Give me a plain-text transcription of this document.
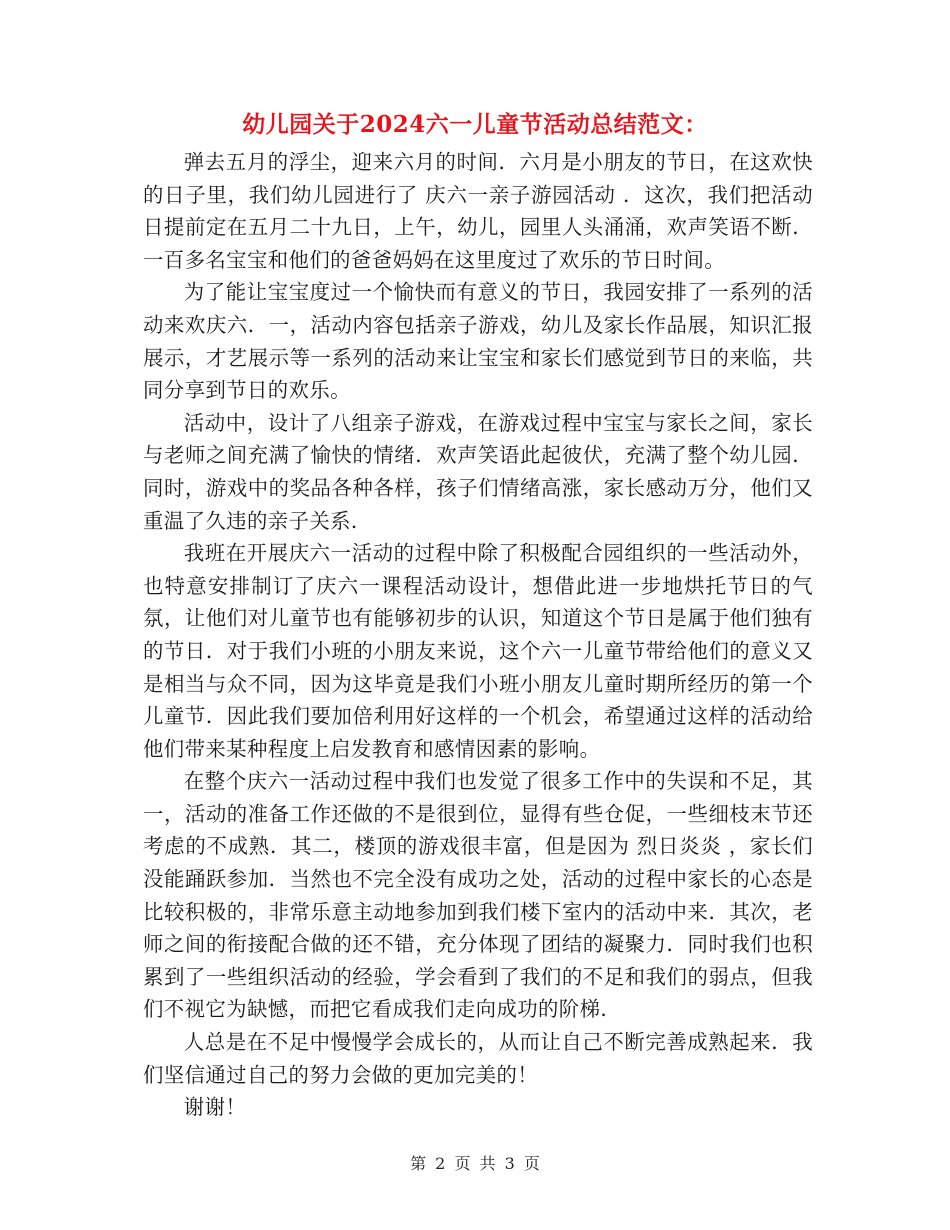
幼儿园关于2024六一儿童节活动总结范文：

弹去五月的浮尘，迎来六月的时间．六月是小朋友的节日，在这欢快的日子里，我们幼儿园进行了 庆六一亲子游园活动 ．这次，我们把活动日提前定在五月二十九日，上午，幼儿，园里人头涌涌，欢声笑语不断．一百多名宝宝和他们的爸爸妈妈在这里度过了欢乐的节日时间。

为了能让宝宝度过一个愉快而有意义的节日，我园安排了一系列的活动来欢庆六．一，活动内容包括亲子游戏，幼儿及家长作品展，知识汇报展示，才艺展示等一系列的活动来让宝宝和家长们感觉到节日的来临，共同分享到节日的欢乐。

活动中，设计了八组亲子游戏，在游戏过程中宝宝与家长之间，家长与老师之间充满了愉快的情绪．欢声笑语此起彼伏，充满了整个幼儿园．同时，游戏中的奖品各种各样，孩子们情绪高涨，家长感动万分，他们又重温了久违的亲子关系．

我班在开展庆六一活动的过程中除了积极配合园组织的一些活动外，也特意安排制订了庆六一课程活动设计，想借此进一步地烘托节日的气氛，让他们对儿童节也有能够初步的认识，知道这个节日是属于他们独有的节日．对于我们小班的小朋友来说，这个六一儿童节带给他们的意义又是相当与众不同，因为这毕竟是我们小班小朋友儿童时期所经历的第一个儿童节．因此我们要加倍利用好这样的一个机会，希望通过这样的活动给他们带来某种程度上启发教育和感情因素的影响。

在整个庆六一活动过程中我们也发觉了很多工作中的失误和不足，其一，活动的准备工作还做的不是很到位，显得有些仓促，一些细枝末节还考虑的不成熟．其二，楼顶的游戏很丰富，但是因为 烈日炎炎 ，家长们没能踊跃参加．当然也不完全没有成功之处，活动的过程中家长的心态是比较积极的，非常乐意主动地参加到我们楼下室内的活动中来．其次，老师之间的衔接配合做的还不错，充分体现了团结的凝聚力．同时我们也积累到了一些组织活动的经验，学会看到了我们的不足和我们的弱点，但我们不视它为缺憾，而把它看成我们走向成功的阶梯．

人总是在不足中慢慢学会成长的，从而让自己不断完善成熟起来．我们坚信通过自己的努力会做的更加完美的！

谢谢！

第 2 页 共 3 页
